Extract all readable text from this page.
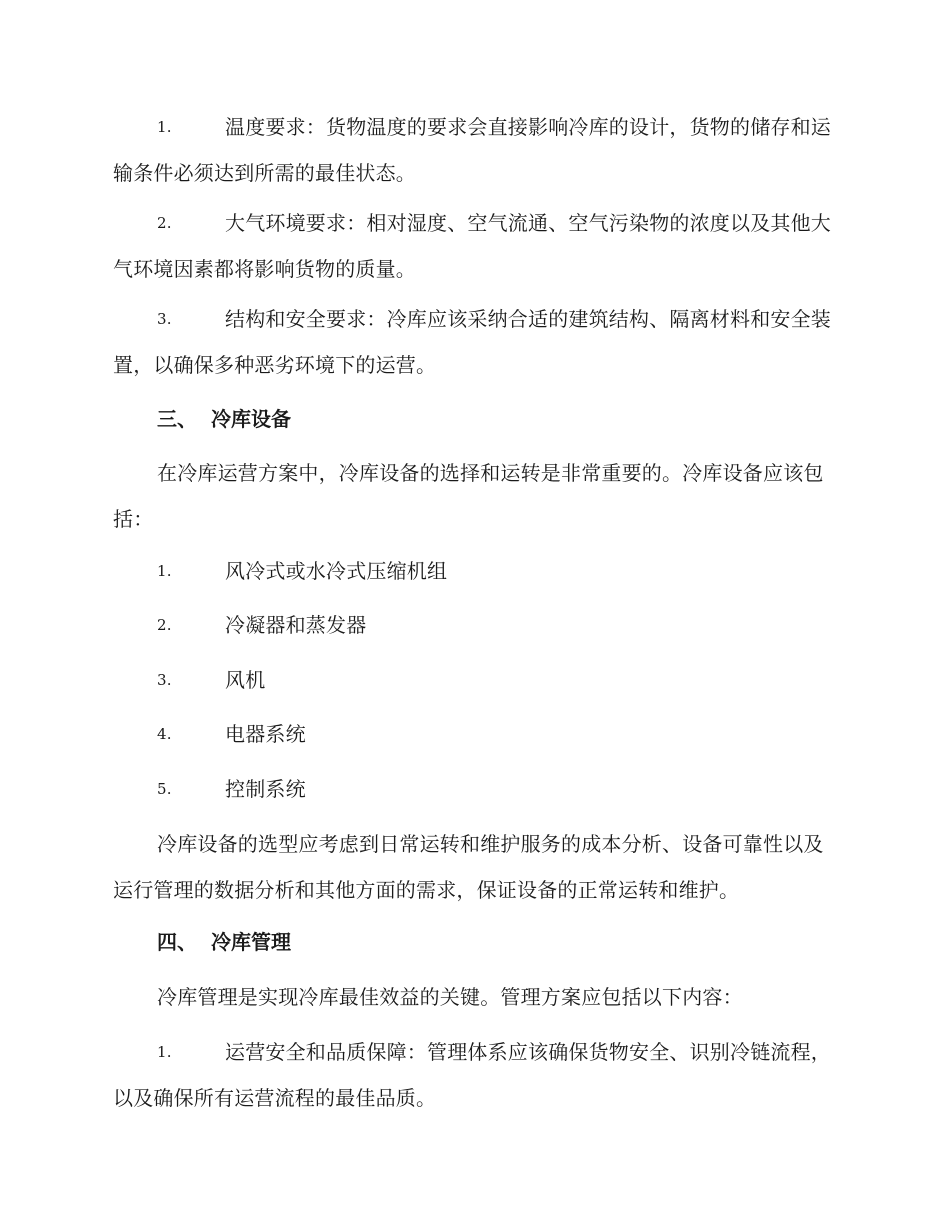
1.	温度要求：货物温度的要求会直接影响冷库的设计，货物的储存和运输条件必须达到所需的最佳状态。
2.	大气环境要求：相对湿度、空气流通、空气污染物的浓度以及其他大气环境因素都将影响货物的质量。
3.	结构和安全要求：冷库应该采纳合适的建筑结构、隔离材料和安全装置，以确保多种恶劣环境下的运营。
三、 冷库设备
在冷库运营方案中，冷库设备的选择和运转是非常重要的。冷库设备应该包括：
1.	风冷式或水冷式压缩机组
2.	冷凝器和蒸发器
3.	风机
4.	电器系统
5.	控制系统
冷库设备的选型应考虑到日常运转和维护服务的成本分析、设备可靠性以及运行管理的数据分析和其他方面的需求，保证设备的正常运转和维护。
四、 冷库管理
冷库管理是实现冷库最佳效益的关键。管理方案应包括以下内容：
1.	运营安全和品质保障：管理体系应该确保货物安全、识别冷链流程，以及确保所有运营流程的最佳品质。
